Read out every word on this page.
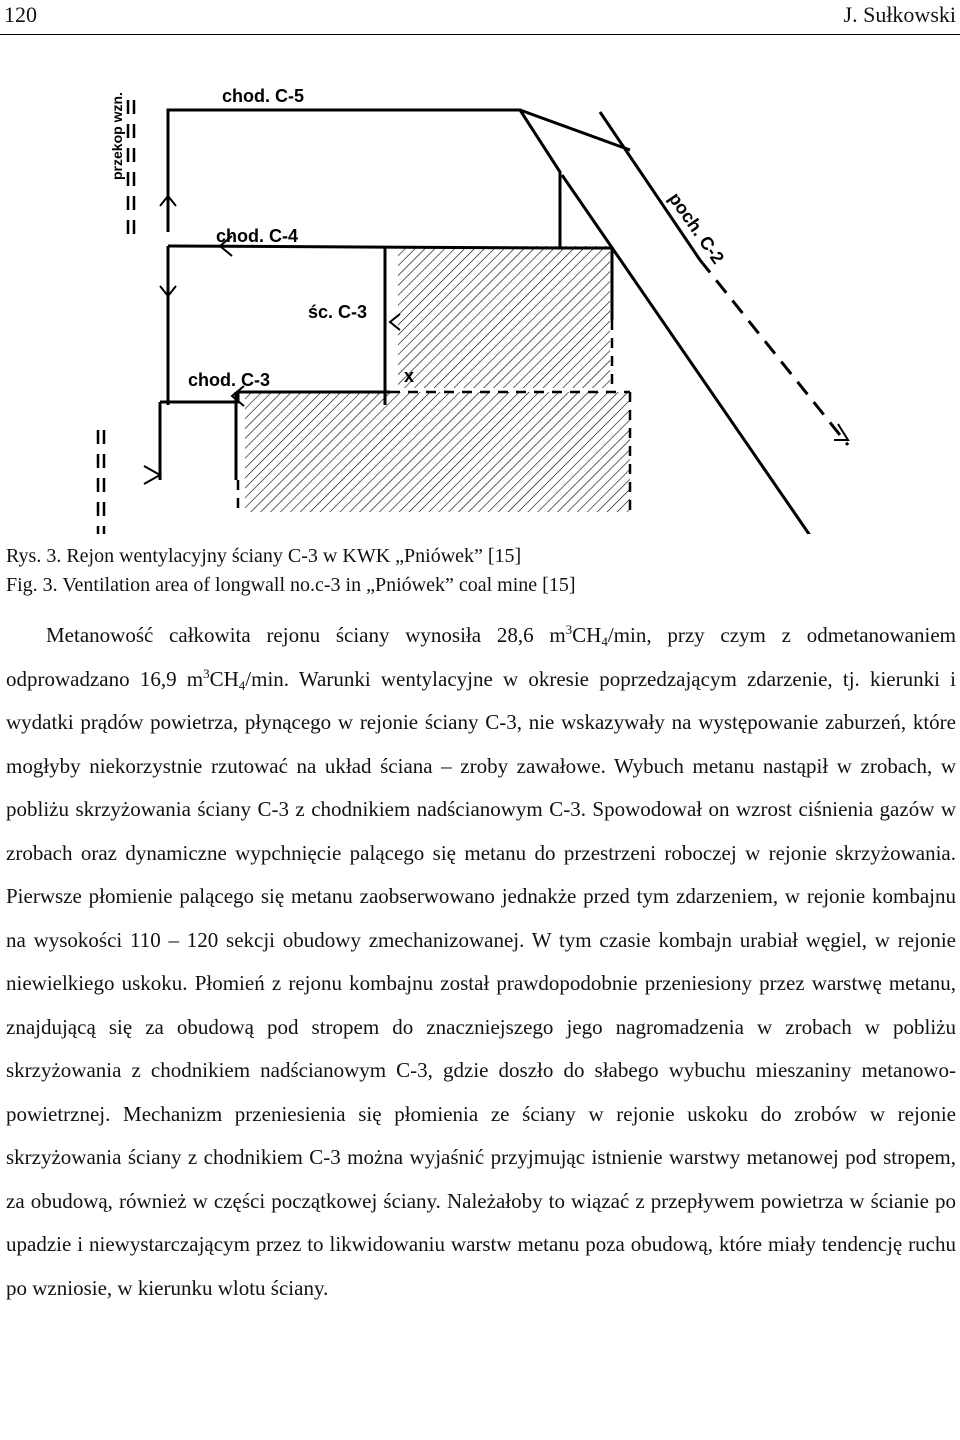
120	J. Sułkowski
chod. C-5
chod. C-4
śc. C-3
chod. C-3	x
poch. C-2
przekop wzn.
Rys. 3. Rejon wentylacyjny ściany C-3 w KWK „Pniówek” [15]
Fig. 3. Ventilation area of longwall no.c-3 in „Pniówek” coal mine [15]

Metanowość całkowita rejonu ściany wynosiła 28,6 $m^3CH_4/\min$, przy czym z odmetanowaniem odprowadzano 16,9 $m^3CH_4/\min$. Warunki wentylacyjne w okresie poprzedzającym zdarzenie, tj. kierunki i wydatki prądów powietrza, płynącego w rejonie ściany C-3, nie wskazywały na występowanie zaburzeń, które mogłyby niekorzystnie rzutować na układ ściana – zroby zawałowe. Wybuch metanu nastąpił w zrobach, w pobliżu skrzyżowania ściany C-3 z chodnikiem nadścianowym C-3. Spowodował on wzrost ciśnienia gazów w zrobach oraz dynamiczne wypchnięcie palącego się metanu do przestrzeni roboczej w rejonie skrzyżowania. Pierwsze płomienie palącego się metanu zaobserwowano jednakże przed tym zdarzeniem, w rejonie kombajnu na wysokości 110 – 120 sekcji obudowy zmechanizowanej. W tym czasie kombajn urabiał węgiel, w rejonie niewielkiego uskoku. Płomień z rejonu kombajnu został prawdopodobnie przeniesiony przez warstwę metanu, znajdującą się za obudową pod stropem do znaczniejszego jego nagromadzenia w zrobach w pobliżu skrzyżowania z chodnikiem nadścianowym C-3, gdzie doszło do słabego wybuchu mieszaniny metanowo-powietrznej. Mechanizm przeniesienia się płomienia ze ściany w rejonie uskoku do zrobów w rejonie skrzyżowania ściany z chodnikiem C-3 można wyjaśnić przyjmując istnienie warstwy metanowej pod stropem, za obudową, również w części początkowej ściany. Należałoby to wiązać z przepływem powietrza w ścianie po upadzie i niewystarczającym przez to likwidowaniu warstw metanu poza obudową, które miały tendencję ruchu po wzniosie, w kierunku wlotu ściany.
